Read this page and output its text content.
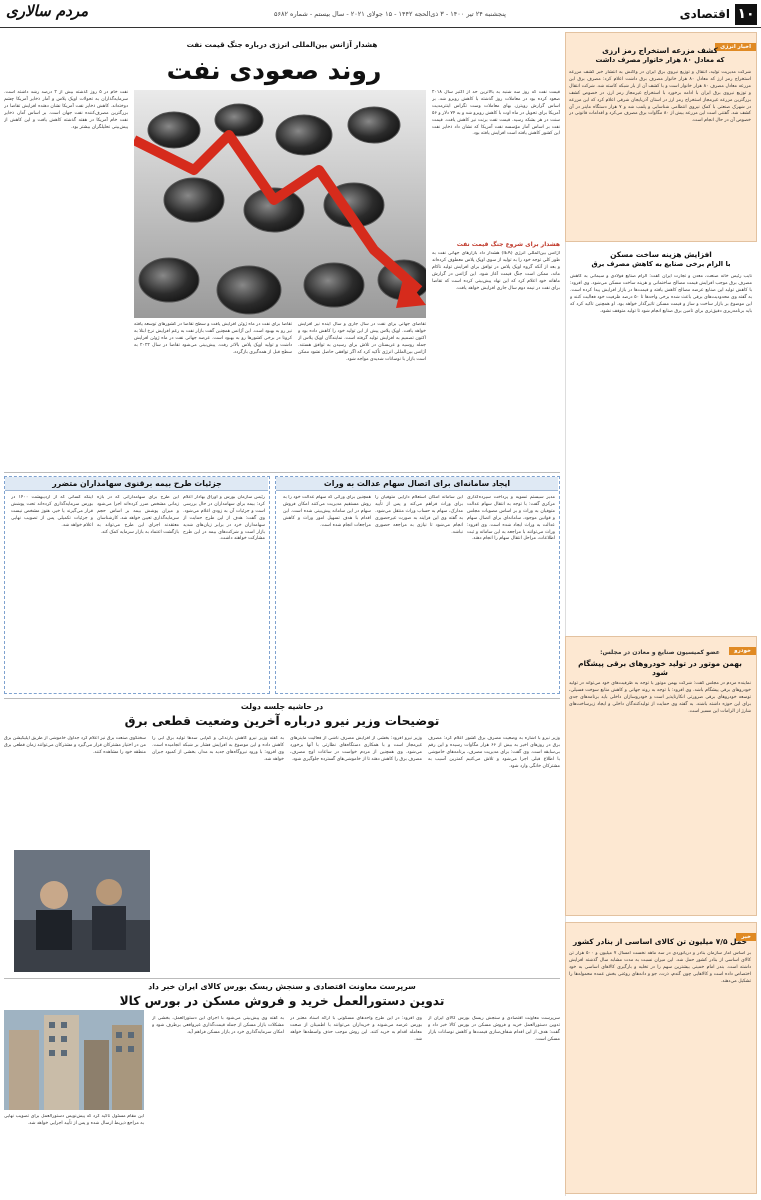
۱۰
اقتصادی
پنجشنبه ۲۴ تیر ۱۴۰۰ - ۳ ذی‌الحجه ۱۴۴۲ - ۱۵ جولای ۲۰۲۱ - سال بیستم - شماره ۵۶۸۲
مردم سالاری
اخبار انرژی
کشف مزرعه استخراج رمز ارزی
که معادل ۸۰ هزار خانوار مصرف داشت
شرکت مدیریت تولید، انتقال و توزیع نیروی برق ایران در واکنش به انتشار خبر کشف مزرعه استخراج رمز ارز که معادل ۸۰ هزار خانوار مصرف برق داشت اعلام کرد: مصرف برق این مزرعه معادل مصرف ۸۰ هزار خانوار است و با کشف آن از بار شبکه کاسته شد. شرکت انتقال و توزیع نیروی برق ایران با ادامه برخورد با استخراج غیرمجاز رمز ارز، در خصوص کشف بزرگترین مزرعه غیرمجاز استخراج رمز ارز در استان آذربایجان شرقی اعلام کرد که این مزرعه در شهرک صنعتی با کمک نیروی انتظامی شناسایی و پلمب شد و ۷ هزار دستگاه ماینر در آن کشف شد. گفتنی است این مزرعه بیش از ۸۰ مگاوات برق مصرف می‌کرد و اقدامات قانونی در خصوص آن در حال انجام است.
افزایش هزینه ساخت مسکن
با الزام برخی صنایع به کاهش مصرف برق
نایب رئیس خانه صنعت، معدن و تجارت ایران گفت: الزام صنایع فولادی و سیمانی به کاهش مصرف برق موجب افزایش قیمت مصالح ساختمانی و هزینه ساخت مسکن می‌شود. وی افزود: با کاهش تولید این صنایع عرضه مصالح کاهش یافته و قیمت‌ها در بازار افزایش پیدا کرده است. به گفته وی محدودیت‌های برقی باعث شده برخی واحدها تا ۵۰ درصد ظرفیت خود فعالیت کنند و این موضوع بر بازار ساخت و ساز و قیمت مسکن تاثیرگذار خواهد بود. او همچنین تاکید کرد که باید برنامه‌ریزی دقیق‌تری برای تامین برق صنایع انجام شود تا تولید متوقف نشود.
خودرو
عضو کمیسیون صنایع و معادن در مجلس:
بهمن موتور در تولید خودروهای برقی پیشگام شود
نماینده مردم در مجلس گفت: شرکت بهمن موتور با توجه به ظرفیت‌های خود می‌تواند در تولید خودروهای برقی پیشگام باشد. وی افزود: با توجه به روند جهانی و کاهش منابع سوخت فسیلی، توسعه خودروهای برقی ضرورتی انکارناپذیر است و خودروسازان داخلی باید برنامه‌های جدی برای این حوزه داشته باشند. به گفته وی حمایت از تولیدکنندگان داخلی و ایجاد زیرساخت‌های شارژ از الزامات این مسیر است.
خبر
حمل ۷/۵ میلیون تن کالای اساسی از بنادر کشور
بر اساس آمار سازمان بنادر و دریانوردی در سه ماهه نخست امسال ۷ میلیون و ۵۰۰ هزار تن کالای اساسی از بنادر کشور حمل شد. این میزان نسبت به مدت مشابه سال گذشته افزایش داشته است. بندر امام خمینی بیشترین سهم را در تخلیه و بارگیری کالاهای اساسی به خود اختصاص داده است و کالاهایی چون گندم، ذرت، جو و دانه‌های روغنی بخش عمده محموله‌ها را تشکیل می‌دهند.
هشدار آژانس بین‌المللی انرژی درباره جنگ قیمت نفت
روند صعودی نفت
قیمت نفت که روز سه شنبه به بالاترین حد از اکتبر سال ۲۰۱۸ صعود کرده بود در معاملات روز گذشته با کاهش روبرو شد. بر اساس گزارش رویترز، بهای معاملات وست تگزاس اینترمدیت آمریکا برای تحویل در ماه اوت با کاهش روبرو شد و به ۷۴ دلار و ۵۶ سنت در هر بشکه رسید. قیمت نفت برنت نیز کاهش یافت. قیمت نفت بر اساس آمار مؤسسه نفت آمریکا که نشان داد ذخایر نفت این کشور کاهش یافته است افزایش یافته بود.
هشدار برای شروع جنگ قیمت نفت
آژانس بین‌المللی انرژی (IEA) هشدار داد بازارهای جهانی نفت به طور کلی توجه خود را به تولید از سوی اوپک پلاس معطوف کرده‌اند و بعد از آنکه گروه اوپک پلاس در توافق برای افزایش تولید ناکام ماند، ممکن است جنگ قیمت آغاز شود. این آژانس در گزارش ماهانه خود اعلام کرد که این نهاد پیش‌بینی کرده است که تقاضا برای نفت در نیمه دوم سال جاری افزایش خواهد یافت.
تقاضای جهانی برای نفت در سال جاری و سال آینده نیز افزایش خواهد یافت. اوپک پلاس پیش از این تولید خود را کاهش داده بود و اکنون تصمیم به افزایش تولید گرفته است. نمایندگان اوپک پلاس از جمله روسیه و عربستان در تلاش برای رسیدن به توافق هستند. آژانس بین‌المللی انرژی تأکید کرد که اگر توافقی حاصل نشود ممکن است بازار با نوسانات شدیدی مواجه شود.
تقاضا برای نفت در ماه ژوئن افزایش یافت و سطح تقاضا در کشورهای توسعه یافته نیز رو به بهبود است. این آژانس همچنین گفت بازار نفت به رغم افزایش نرخ ابتلا به کرونا در برخی کشورها رو به بهبود است. عرضه جهانی نفت در ماه ژوئن افزایش داشت و تولید اوپک پلاس بالاتر رفت. پیش‌بینی می‌شود تقاضا در سال ۲۰۲۲ به سطح قبل از همه‌گیری بازگردد.
نفت خام در ۵ روز گذشته بیش از ۲ درصد رشد داشته است. سرمایه‌گذاران به تحولات اوپک پلاس و آمار ذخایر آمریکا چشم دوخته‌اند. کاهش ذخایر نفت آمریکا نشان دهنده افزایش تقاضا در بزرگترین مصرف‌کننده نفت جهان است. بر اساس آمار، ذخایر نفت خام آمریکا در هفته گذشته کاهش یافت و این کاهش از پیش‌بینی تحلیلگران بیشتر بود.
ایجاد سامانه‌ای برای اتصال سهام عدالت به وراث
مدیر سیستم تسویه و پرداخت سپرده‌گذاری مرکزی گفت: با توجه به انتقال سهام عدالت متوفیان به وراث و بر اساس مصوبات مجلس و قوانین موجود، سامانه‌ای برای اتصال سهام عدالت به وراث ایجاد شده است. وی افزود: وراث می‌توانند با مراجعه به این سامانه و ثبت اطلاعات، مراحل انتقال سهام را انجام دهند.
این سامانه امکان استعلام دارایی متوفیان را برای وراث فراهم می‌کند و پس از تأیید مدارک، سهام به حساب وراث منتقل می‌شود. به گفته وی این فرایند به صورت غیرحضوری انجام می‌شود تا نیازی به مراجعه حضوری نباشد.
همچنین برای وراثی که سهام عدالت خود را به روش مستقیم مدیریت می‌کنند امکان فروش سهام در این سامانه پیش‌بینی شده است. این اقدام با هدف تسهیل امور وراث و کاهش مراجعات انجام شده است.
جزئیات طرح بیمه برقنوی سهامداران متضرر
رئیس سازمان بورس و اوراق بهادار اعلام کرد: بیمه برای سهامداران در حال بررسی است و جزئیات آن به زودی اعلام می‌شود. وی گفت: هدف از این طرح حمایت از سهامداران خرد در برابر زیان‌های شدید بازار است و شرکت‌های بیمه در این طرح مشارکت خواهند داشت.
این طرح برای سهامدارانی که در بازه زمانی مشخص ضرر کرده‌اند اجرا می‌شود و میزان پوشش بیمه بر اساس حجم سرمایه‌گذاری تعیین خواهد شد. کارشناسان معتقدند اجرای این طرح می‌تواند به بازگشت اعتماد به بازار سرمایه کمک کند.
اینکه کسانی که از اردیبهشت ۱۴۰۰ در بورس سرمایه‌گذاری کرده‌اند تحت پوشش قرار می‌گیرند یا خیر، هنوز مشخص نیست و جزئیات تکمیلی پس از تصویب نهایی اعلام خواهد شد.
در حاشیه جلسه دولت
توضیحات وزیر نیرو درباره آخرین وضعیت قطعی برق
وزیر نیرو با اشاره به وضعیت مصرف برق کشور اعلام کرد: مصرف برق در روزهای اخیر به بیش از ۶۶ هزار مگاوات رسیده و این رقم بی‌سابقه است. وی گفت: برای مدیریت مصرف، برنامه‌های خاموشی با اطلاع قبلی اجرا می‌شود و تلاش می‌کنیم کمترین آسیب به مشترکان خانگی وارد شود.
وزیر نیرو افزود: بخشی از افزایش مصرف ناشی از فعالیت ماینرهای غیرمجاز است و با همکاری دستگاه‌های نظارتی با آنها برخورد می‌شود. وی همچنین از مردم خواست در ساعات اوج مصرف، مصرف برق را کاهش دهند تا از خاموشی‌های گسترده جلوگیری شود.
به گفته وزیر نیرو کاهش بارندگی و کم‌آبی سدها تولید برق آبی را کاهش داده و این موضوع به افزایش فشار بر شبکه انجامیده است. وی افزود: با ورود نیروگاه‌های جدید به مدار، بخشی از کمبود جبران خواهد شد.
سخنگوی صنعت برق نیز اعلام کرد جداول خاموشی از طریق اپلیکیشن برق من در اختیار مشترکان قرار می‌گیرد و مشترکان می‌توانند زمان قطعی برق منطقه خود را مشاهده کنند.
سرپرست معاونت اقتصادی و سنجش ریسک بورس کالای ایران خبر داد
تدوین دستورالعمل خرید و فروش مسکن در بورس کالا
سرپرست معاونت اقتصادی و سنجش ریسک بورس کالای ایران از تدوین دستورالعمل خرید و فروش مسکن در بورس کالا خبر داد و گفت: هدف از این اقدام شفاف‌سازی قیمت‌ها و کاهش نوسانات بازار مسکن است.
وی افزود: در این طرح واحدهای مسکونی با ارائه اسناد معتبر در بورس عرضه می‌شوند و خریداران می‌توانند با اطمینان از صحت معامله اقدام به خرید کنند. این روش موجب حذف واسطه‌ها خواهد شد.
به گفته وی پیش‌بینی می‌شود با اجرای این دستورالعمل، بخشی از مشکلات بازار مسکن از جمله قیمت‌گذاری غیرواقعی برطرف شود و امکان سرمایه‌گذاری خرد در بازار مسکن فراهم آید.
این مقام مسئول تاکید کرد که پیش‌نویس دستورالعمل برای تصویب نهایی به مراجع ذیربط ارسال شده و پس از تأیید اجرایی خواهد شد.
